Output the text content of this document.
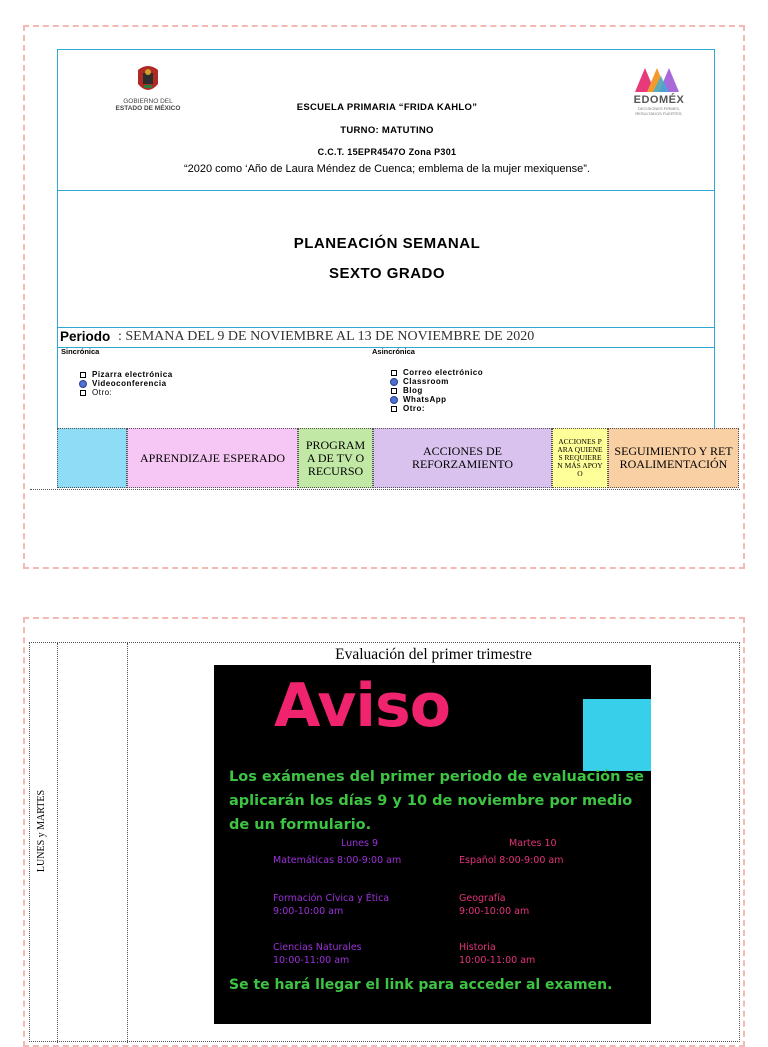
GOBIERNO DEL
ESTADO DE MÉXICO
EDOMÉX
DECISIONES FIRMES,
RESULTADOS FUERTES.
ESCUELA PRIMARIA “FRIDA KAHLO”
TURNO: MATUTINO
C.C.T. 15EPR4547O Zona P301
“2020 como ‘Año de Laura Méndez de Cuenca; emblema de la mujer mexiquense”.
PLANEACIÓN SEMANAL
SEXTO GRADO
Periodo : SEMANA DEL 9 DE NOVIEMBRE AL 13 DE NOVIEMBRE DE 2020
Sincrónica
Pizarra electrónica
Videoconferencia
Otro:
Asincrónica
Correo electrónico
Classroom
Blog
WhatsApp
Otro:
APRENDIZAJE ESPERADO
PROGRAMA DE TV O RECURSO
ACCIONES DE REFORZAMIENTO
ACCIONES PARA QUIENES REQUIEREN MÁS APOYO
SEGUIMIENTO Y RETROALIMENTACIÓN
LUNES y MARTES
Evaluación del primer trimestre
Aviso
Los exámenes del primer periodo de evaluación se aplicarán los días 9 y 10 de noviembre por medio de un formulario.
Lunes 9	Martes 10
Matemáticas 8:00-9:00 am

Formación Cívica y Ética
9:00-10:00 am
Ciencias Naturales
10:00-11:00 am
Español 8:00-9:00 am

Geografía
9:00-10:00 am
Historia
10:00-11:00 am
Se te hará llegar el link para acceder al examen.
